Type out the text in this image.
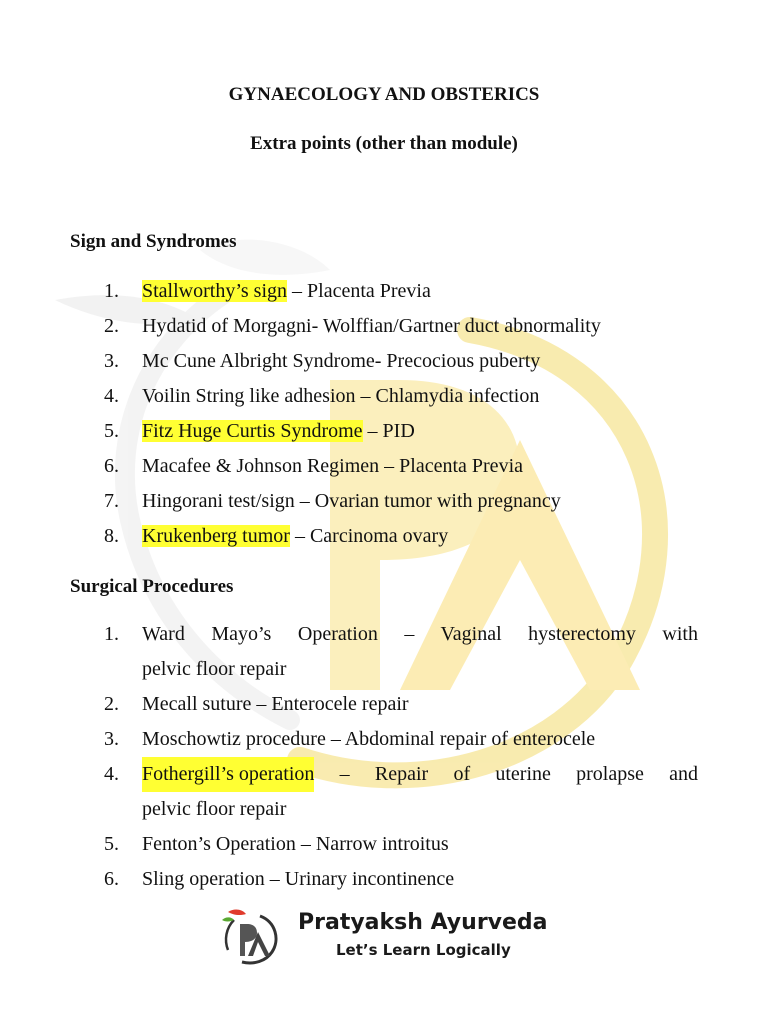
GYNAECOLOGY AND OBSTERICS
Extra points (other than module)
Sign and Syndromes
1.	Stallworthy’s sign – Placenta Previa
2.	Hydatid of Morgagni- Wolffian/Gartner duct abnormality
3.	Mc Cune Albright Syndrome- Precocious puberty
4.	Voilin String like adhesion – Chlamydia infection
5.	Fitz Huge Curtis Syndrome – PID
6.	Macafee & Johnson Regimen – Placenta Previa
7.	Hingorani test/sign – Ovarian tumor with pregnancy
8.	Krukenberg tumor – Carcinoma ovary
Surgical Procedures
1.	Ward Mayo’s Operation – Vaginal hysterectomy with
pelvic floor repair
2.	Mecall suture – Enterocele repair
3.	Moschowtiz procedure – Abdominal repair of enterocele
4.	Fothergill’s operation – Repair of uterine prolapse and
pelvic floor repair
5.	Fenton’s Operation – Narrow introitus
6.	Sling operation – Urinary incontinence
Pratyaksh Ayurveda
Let’s Learn Logically
